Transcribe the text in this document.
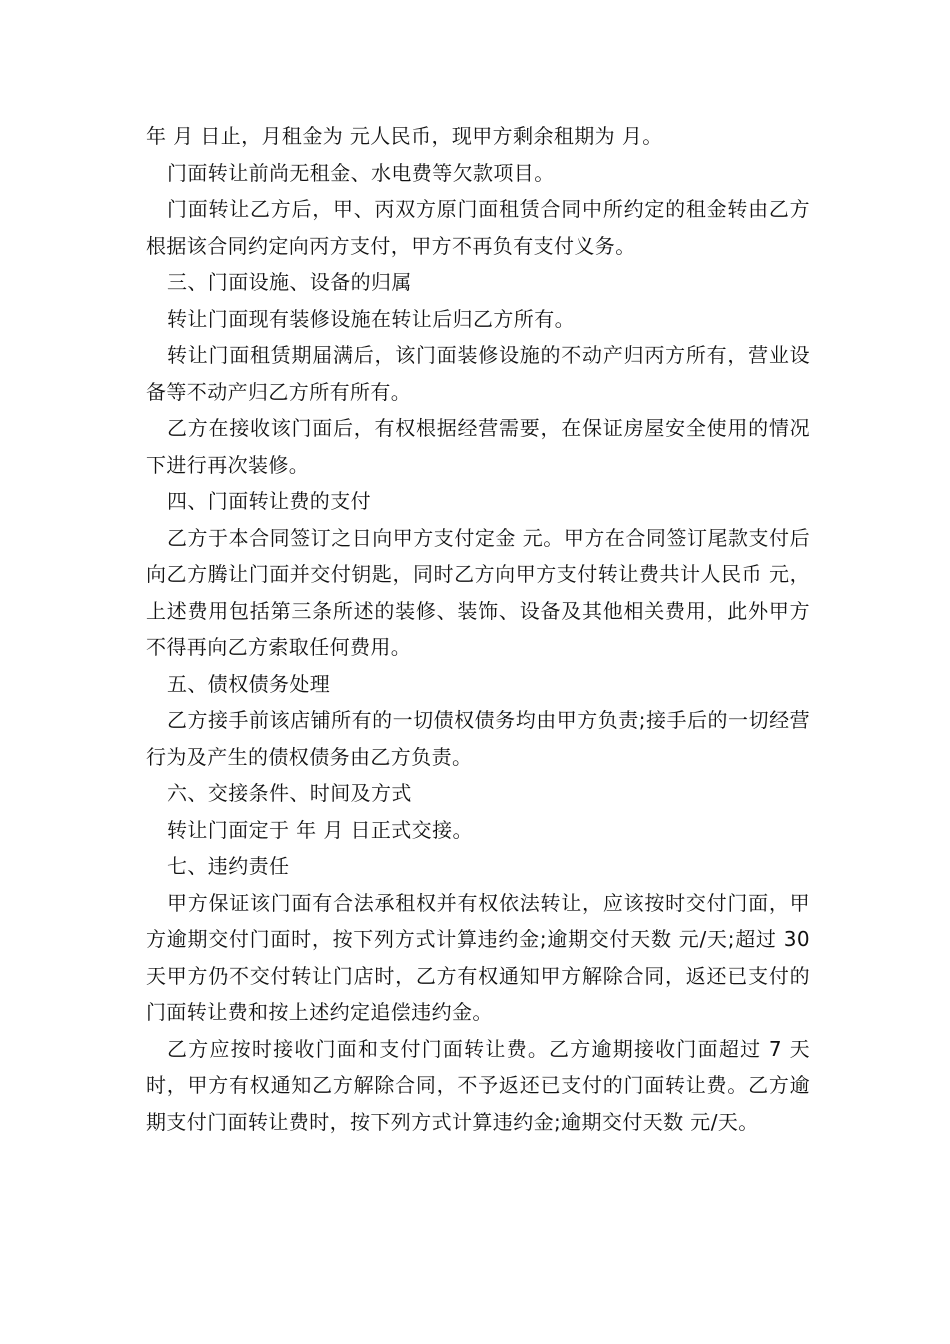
年 月 日止，月租金为 元人民币，现甲方剩余租期为 月。

门面转让前尚无租金、水电费等欠款项目。

门面转让乙方后，甲、丙双方原门面租赁合同中所约定的租金转由乙方根据该合同约定向丙方支付，甲方不再负有支付义务。

三、门面设施、设备的归属

转让门面现有装修设施在转让后归乙方所有。

转让门面租赁期届满后，该门面装修设施的不动产归丙方所有，营业设备等不动产归乙方所有所有。

乙方在接收该门面后，有权根据经营需要，在保证房屋安全使用的情况下进行再次装修。

四、门面转让费的支付

乙方于本合同签订之日向甲方支付定金 元。甲方在合同签订尾款支付后向乙方腾让门面并交付钥匙，同时乙方向甲方支付转让费共计人民币 元，上述费用包括第三条所述的装修、装饰、设备及其他相关费用，此外甲方不得再向乙方索取任何费用。

五、债权债务处理

乙方接手前该店铺所有的一切债权债务均由甲方负责;接手后的一切经营行为及产生的债权债务由乙方负责。

六、交接条件、时间及方式

转让门面定于 年 月 日正式交接。

七、违约责任

甲方保证该门面有合法承租权并有权依法转让，应该按时交付门面，甲方逾期交付门面时，按下列方式计算违约金;逾期交付天数 元/天;超过 30 天甲方仍不交付转让门店时，乙方有权通知甲方解除合同，返还已支付的门面转让费和按上述约定追偿违约金。

乙方应按时接收门面和支付门面转让费。乙方逾期接收门面超过 7 天时，甲方有权通知乙方解除合同，不予返还已支付的门面转让费。乙方逾期支付门面转让费时，按下列方式计算违约金;逾期交付天数 元/天。
